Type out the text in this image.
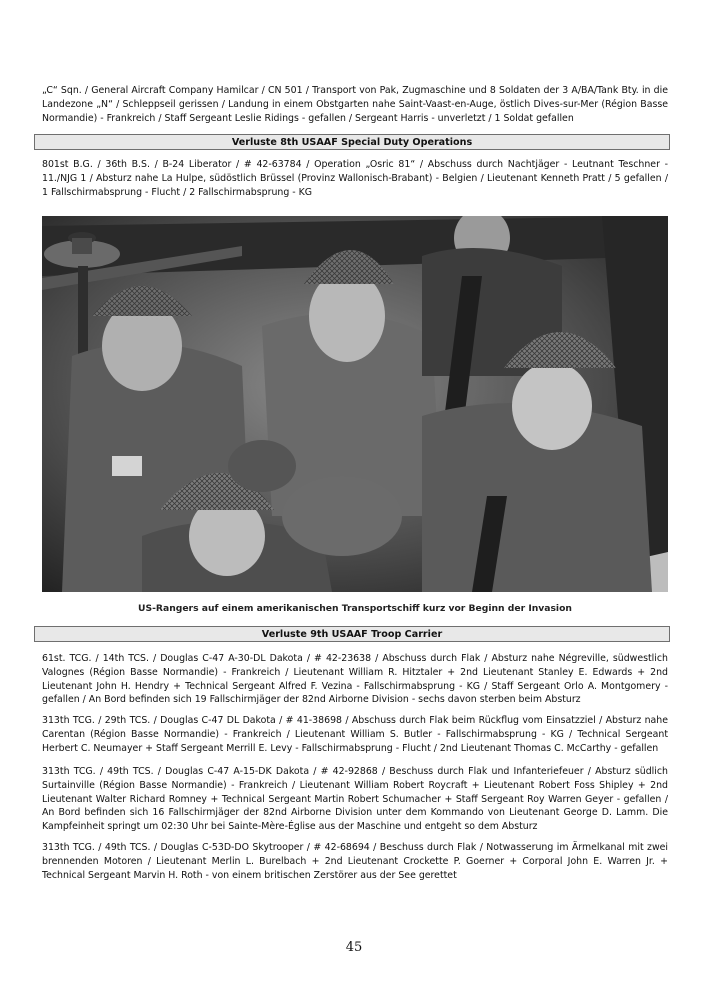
„C“ Sqn. / General Aircraft Company Hamilcar / CN 501 / Transport von Pak, Zugmaschine und 8 Soldaten der 3 A/BA/Tank Bty. in die Landezone „N“ / Schleppseil gerissen / Landung in einem Obstgarten nahe Saint-Vaast-en-Auge, östlich Dives-sur-Mer (Région Basse Normandie) - Frankreich / Staff Sergeant Leslie Ridings - gefallen / Sergeant Harris - unverletzt / 1 Soldat gefallen

Verluste 8th USAAF Special Duty Operations

801st B.G. / 36th B.S. / B-24 Liberator / # 42-63784 / Operation „Osric 81“ / Abschuss durch Nachtjäger - Leutnant Teschner - 11./NJG 1 / Absturz nahe La Hulpe, südöstlich Brüssel (Provinz Wallonisch-Brabant) - Belgien / Lieutenant Kenneth Pratt / 5 gefallen / 1 Fallschirmabsprung - Flucht / 2 Fallschirmabsprung - KG

US-Rangers auf einem amerikanischen Transportschiff kurz vor Beginn der Invasion
Verluste 9th USAAF Troop Carrier

61st. TCG. / 14th TCS. / Douglas C-47 A-30-DL Dakota / # 42-23638 / Abschuss durch Flak / Absturz nahe Négreville, südwestlich Valognes (Région Basse Normandie) - Frankreich / Lieutenant William R. Hitztaler + 2nd Lieutenant Stanley E. Edwards + 2nd Lieutenant John H. Hendry + Technical Sergeant Alfred F. Vezina - Fallschirmabsprung - KG / Staff Sergeant Orlo A. Montgomery - gefallen / An Bord befinden sich 19 Fallschirmjäger der 82nd Airborne Division - sechs davon sterben beim Absturz

313th TCG. / 29th TCS. / Douglas C-47 DL Dakota / # 41-38698 / Abschuss durch Flak beim Rückflug vom Einsatzziel / Absturz nahe Carentan (Région Basse Normandie) - Frankreich / Lieutenant William S. Butler - Fallschirmabsprung - KG / Technical Sergeant Herbert C. Neumayer + Staff Sergeant Merrill E. Levy - Fallschirmabsprung - Flucht / 2nd Lieutenant Thomas C. McCarthy - gefallen

313th TCG. / 49th TCS. / Douglas C-47 A-15-DK Dakota / # 42-92868 / Beschuss durch Flak und Infanteriefeuer / Absturz südlich Surtainville (Région Basse Normandie) - Frankreich / Lieutenant William Robert Roycraft + Lieutenant Robert Foss Shipley + 2nd Lieutenant Walter Richard Romney + Technical Sergeant Martin Robert Schumacher + Staff Sergeant Roy Warren Geyer - gefallen / An Bord befinden sich 16 Fallschirmjäger der 82nd Airborne Division unter dem Kommando von Lieutenant George D. Lamm. Die Kampfeinheit springt um 02:30 Uhr bei Sainte-Mère-Église aus der Maschine und entgeht so dem Absturz

313th TCG. / 49th TCS. / Douglas C-53D-DO Skytrooper / # 42-68694 / Beschuss durch Flak / Notwasserung im Ärmelkanal mit zwei brennenden Motoren / Lieutenant Merlin L. Burelbach + 2nd Lieutenant Crockette P. Goerner + Corporal John E. Warren Jr. + Technical Sergeant Marvin H. Roth - von einem britischen Zerstörer aus der See gerettet

45
